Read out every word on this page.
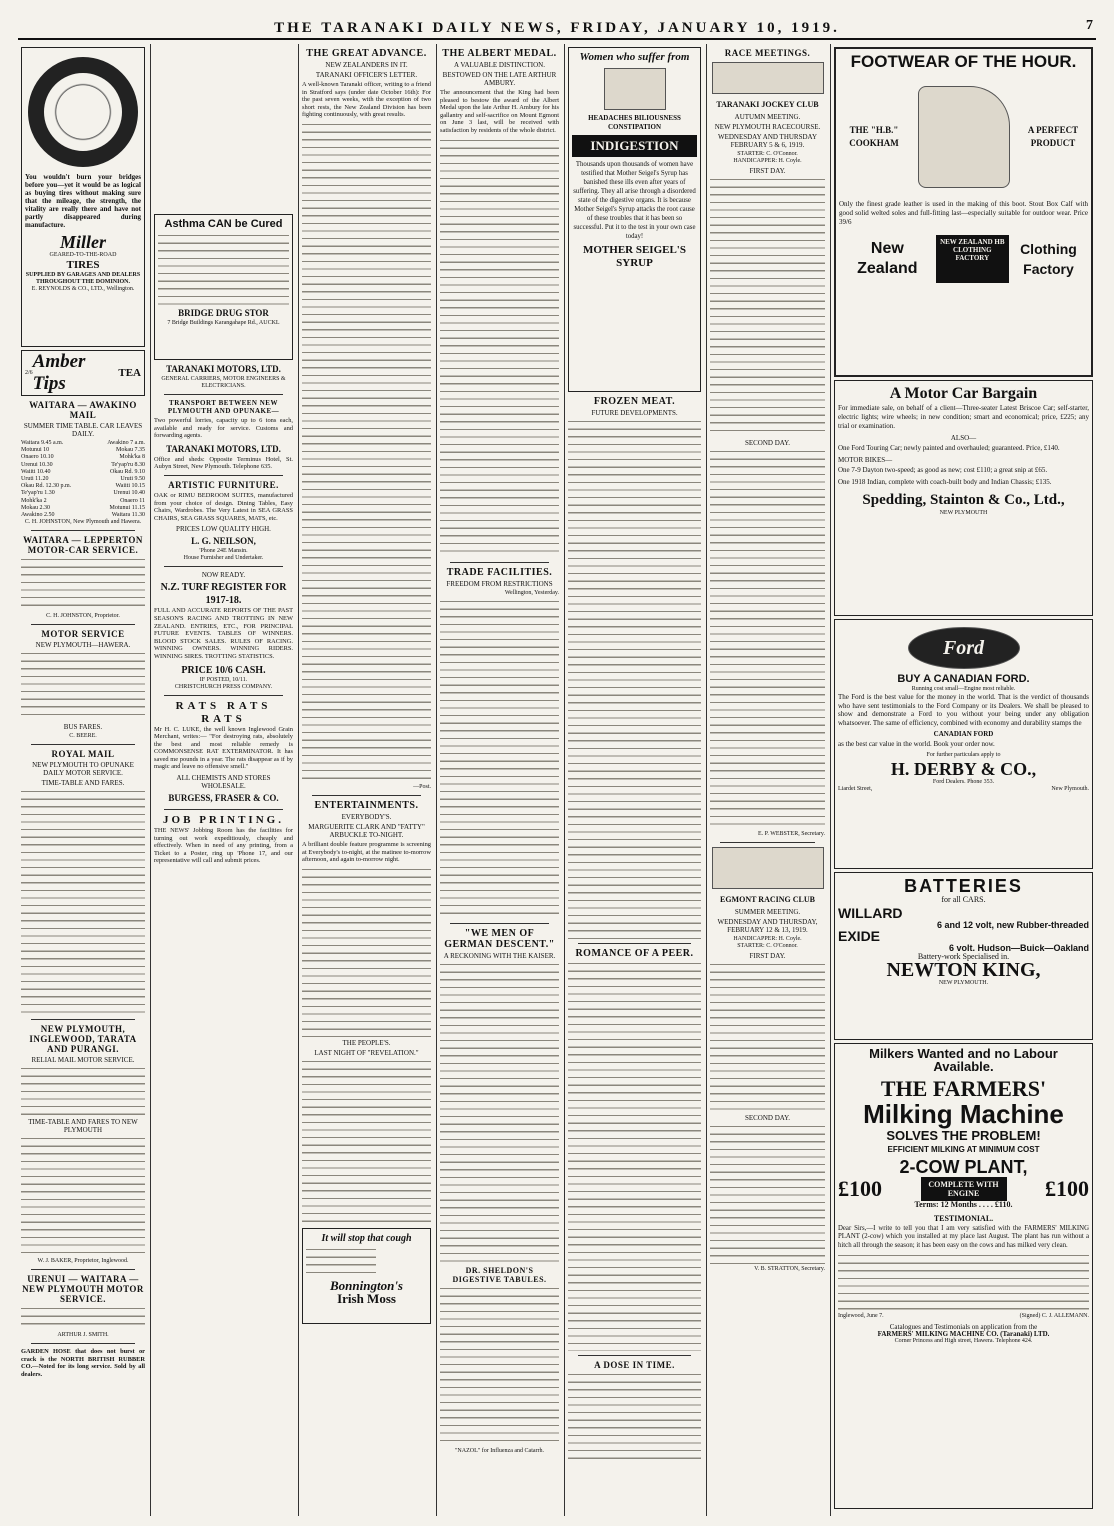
THE TARANAKI DAILY NEWS, FRIDAY, JANUARY 10, 1919.	7

You wouldn't burn your bridges before you—yet it would be as logical as buying tires without making sure that the mileage, the strength, the vitality are really there and have not partly disappeared during manufacture.

Miller
GEARED-TO-THE-ROAD
TIRES
SUPPLIED BY GARAGES AND DEALERS THROUGHOUT THE DOMINION.
E. REYNOLDS & CO., LTD., Wellington.
2/6
Amber Tips
TEA
WAITARA — AWAKINO MAIL
SUMMER TIME TABLE. CAR LEAVES DAILY.
Waitara 9.45 a.m.	Awakino 7 a.m.
Motunui 10	Mokau 7.35
Onaero 10.10	Mohk'ka 8
Urenui 10.30	Te'yap'ru 8.30
Waiiti 10.40	Okau Rd. 9.10
Uruti 11.20	Uruti 9.50
Okau Rd. 12.30 p.m.	Waiiti 10.15
Te'yap'ru 1.30	Urenui 10.40
Mohk'ka 2	Onaero 11
Mokau 2.30	Motunui 11.15
Awakino 2.50	Waitara 11.30
C. H. JOHNSTON, New Plymouth and Hawera.
WAITARA — LEPPERTON MOTOR-CAR SERVICE.
C. H. JOHNSTON, Proprietor.
MOTOR SERVICE
NEW PLYMOUTH—HAWERA.
BUS FARES.
C. BEERE.
ROYAL MAIL
NEW PLYMOUTH TO OPUNAKE DAILY MOTOR SERVICE.
TIME-TABLE AND FARES.
NEW PLYMOUTH, INGLEWOOD, TARATA AND PURANGI.
RELIAL MAIL MOTOR SERVICE.
TIME-TABLE AND FARES TO NEW PLYMOUTH
W. J. BAKER, Proprietor, Inglewood.
URENUI — WAITARA — NEW PLYMOUTH MOTOR SERVICE.
ARTHUR J. SMITH.

GARDEN HOSE that does not burst or crack is the NORTH BRITISH RUBBER CO.—Noted for its long service. Sold by all dealers.

Asthma CAN be Cured
BRIDGE DRUG STOR
7 Bridge Buildings Karangahape Rd., AUCKL
TARANAKI MOTORS, LTD.
GENERAL CARRIERS, MOTOR ENGINEERS & ELECTRICIANS.
TRANSPORT BETWEEN NEW PLYMOUTH AND OPUNAKE—

Two powerful lorries, capacity up to 6 tons each, available and ready for service. Customs and forwarding agents.

TARANAKI MOTORS, LTD.

Office and sheds: Opposite Terminus Hotel, St. Aubyn Street, New Plymouth. Telephone 635.

ARTISTIC FURNITURE.

OAK or RIMU BEDROOM SUITES, manufactured from your choice of design. Dining Tables, Easy Chairs, Wardrobes. The Very Latest in SEA GRASS CHAIRS, SEA GRASS SQUARES, MATS, etc.

PRICES LOW QUALITY HIGH.
L. G. NEILSON,
'Phone 24E Mansin.
House Furnisher and Undertaker.
NOW READY.
N.Z. TURF REGISTER FOR 1917-18.

FULL AND ACCURATE REPORTS OF THE PAST SEASON'S RACING AND TROTTING IN NEW ZEALAND. ENTRIES, ETC., FOR PRINCIPAL FUTURE EVENTS. TABLES OF WINNERS. BLOOD STOCK SALES. RULES OF RACING. WINNING OWNERS. WINNING RIDERS. WINNING SIRES. TROTTING STATISTICS.

PRICE 10/6 CASH.
IF POSTED, 10/11.
CHRISTCHURCH PRESS COMPANY.
RATS RATS RATS

Mr H. C. LUKE, the well known Inglewood Grain Merchant, writes:— "For destroying rats, absolutely the best and most reliable remedy is COMMONSENSE RAT EXTERMINATOR. It has saved me pounds in a year. The rats disappear as if by magic and leave no offensive smell."

ALL CHEMISTS AND STORES WHOLESALE.
BURGESS, FRASER & CO.
JOB PRINTING.

THE NEWS' Jobbing Room has the facilities for turning out work expeditiously, cheaply and effectively. When in need of any printing, from a Ticket to a Poster, ring up 'Phone 17, and our representative will call and submit prices.

THE GREAT ADVANCE.
NEW ZEALANDERS IN IT.
TARANAKI OFFICER'S LETTER.

A well-known Taranaki officer, writing to a friend in Stratford says (under date October 16th): For the past seven weeks, with the exception of two short rests, the New Zealand Division has been fighting continuously, with great results.

—Post.
ENTERTAINMENTS.
EVERYBODY'S.
MARGUERITE CLARK AND "FATTY" ARBUCKLE TO-NIGHT.

A brilliant double feature programme is screening at Everybody's to-night, at the matinee to-morrow afternoon, and again to-morrow night.

THE PEOPLE'S.
LAST NIGHT OF "REVELATION."
It will stop that cough
Bonnington's
Irish Moss
THE ALBERT MEDAL.
A VALUABLE DISTINCTION.
BESTOWED ON THE LATE ARTHUR AMBURY.

The announcement that the King had been pleased to bestow the award of the Albert Medal upon the late Arthur H. Ambury for his gallantry and self-sacrifice on Mount Egmont on June 3 last, will be received with satisfaction by residents of the whole district.

TRADE FACILITIES.
FREEDOM FROM RESTRICTIONS
Wellington, Yesterday.
"WE MEN OF GERMAN DESCENT."
A RECKONING WITH THE KAISER.
DR. SHELDON'S DIGESTIVE TABULES.
"NAZOL" for Influenza and Catarrh.
Women who suffer from
HEADACHES BILIOUSNESS CONSTIPATION
INDIGESTION

Thousands upon thousands of women have testified that Mother Seigel's Syrup has banished these ills even after years of suffering. They all arise through a disordered state of the digestive organs. It is because Mother Seigel's Syrup attacks the root cause of these troubles that it has been so successful. Put it to the test in your own case today!

MOTHER SEIGEL'S SYRUP
FROZEN MEAT.
FUTURE DEVELOPMENTS.
ROMANCE OF A PEER.
A DOSE IN TIME.
RACE MEETINGS.
TARANAKI JOCKEY CLUB
AUTUMN MEETING.
NEW PLYMOUTH RACECOURSE.
WEDNESDAY AND THURSDAY FEBRUARY 5 & 6, 1919.
STARTER: C. O'Connor.
HANDICAPPER: H. Coyle.
FIRST DAY.
SECOND DAY.
E. P. WEBSTER, Secretary.
EGMONT RACING CLUB
SUMMER MEETING.
WEDNESDAY AND THURSDAY, FEBRUARY 12 & 13, 1919.
HANDICAPPER: H. Coyle.
STARTER: C. O'Connor.
FIRST DAY.
SECOND DAY.
V. B. STRATTON, Secretary.
FOOTWEAR OF THE HOUR.
THE "H.B." COOKHAM
A PERFECT PRODUCT

Only the finest grade leather is used in the making of this boot. Stout Box Calf with good solid welted soles and full-fitting last—especially suitable for outdoor wear. Price 39/6

New Zealand
NEW ZEALAND HB CLOTHING FACTORY
Clothing Factory
A Motor Car Bargain

For immediate sale, on behalf of a client—Three-seater Latest Briscoe Car; self-starter, electric lights; wire wheels; in new condition; smart and economical; price, £225; any trial or examination.

ALSO—

One Ford Touring Car; newly painted and overhauled; guaranteed. Price, £140.

MOTOR BIKES—

One 7-9 Dayton two-speed; as good as new; cost £110; a great snip at £65.

One 1918 Indian, complete with coach-built body and Indian Chassis; £135.

Spedding, Stainton & Co., Ltd.,
NEW PLYMOUTH
Ford
BUY A CANADIAN FORD.
Running cost small—Engine most reliable.

The Ford is the best value for the money in the world. That is the verdict of thousands who have sent testimonials to the Ford Company or its Dealers. We shall be pleased to show and demonstrate a Ford to you without your being under any obligation whatsoever. The same of efficiency, combined with economy and durability stamps the

CANADIAN FORD

as the best car value in the world. Book your order now.

For further particulars apply to
H. DERBY & CO.,
Ford Dealers. Phone 353.
Liardet Street,	New Plymouth.
BATTERIES
for all CARS.
WILLARD
6 and 12 volt, new Rubber-threaded
EXIDE
6 volt. Hudson—Buick—Oakland
Battery-work Specialised in.
NEWTON KING,
NEW PLYMOUTH.
Milkers Wanted and no Labour Available.
THE FARMERS'
Milking Machine
SOLVES THE PROBLEM!
EFFICIENT MILKING AT MINIMUM COST
2-COW PLANT,
£100	COMPLETE WITH ENGINE	£100
Terms: 12 Months . . . . £110.
TESTIMONIAL.

Dear Sirs,—I write to tell you that I am very satisfied with the FARMERS' MILKING PLANT (2-cow) which you installed at my place last August. The plant has run without a hitch all through the season; it has been easy on the cows and has milked very clean.

Inglewood, June 7.	(Signed) C. J. ALLEMANN.
Catalogues and Testimonials on application from the
FARMERS' MILKING MACHINE CO. (Taranaki) LTD.
Corner Princess and High street, Hawera. Telephone 424.
